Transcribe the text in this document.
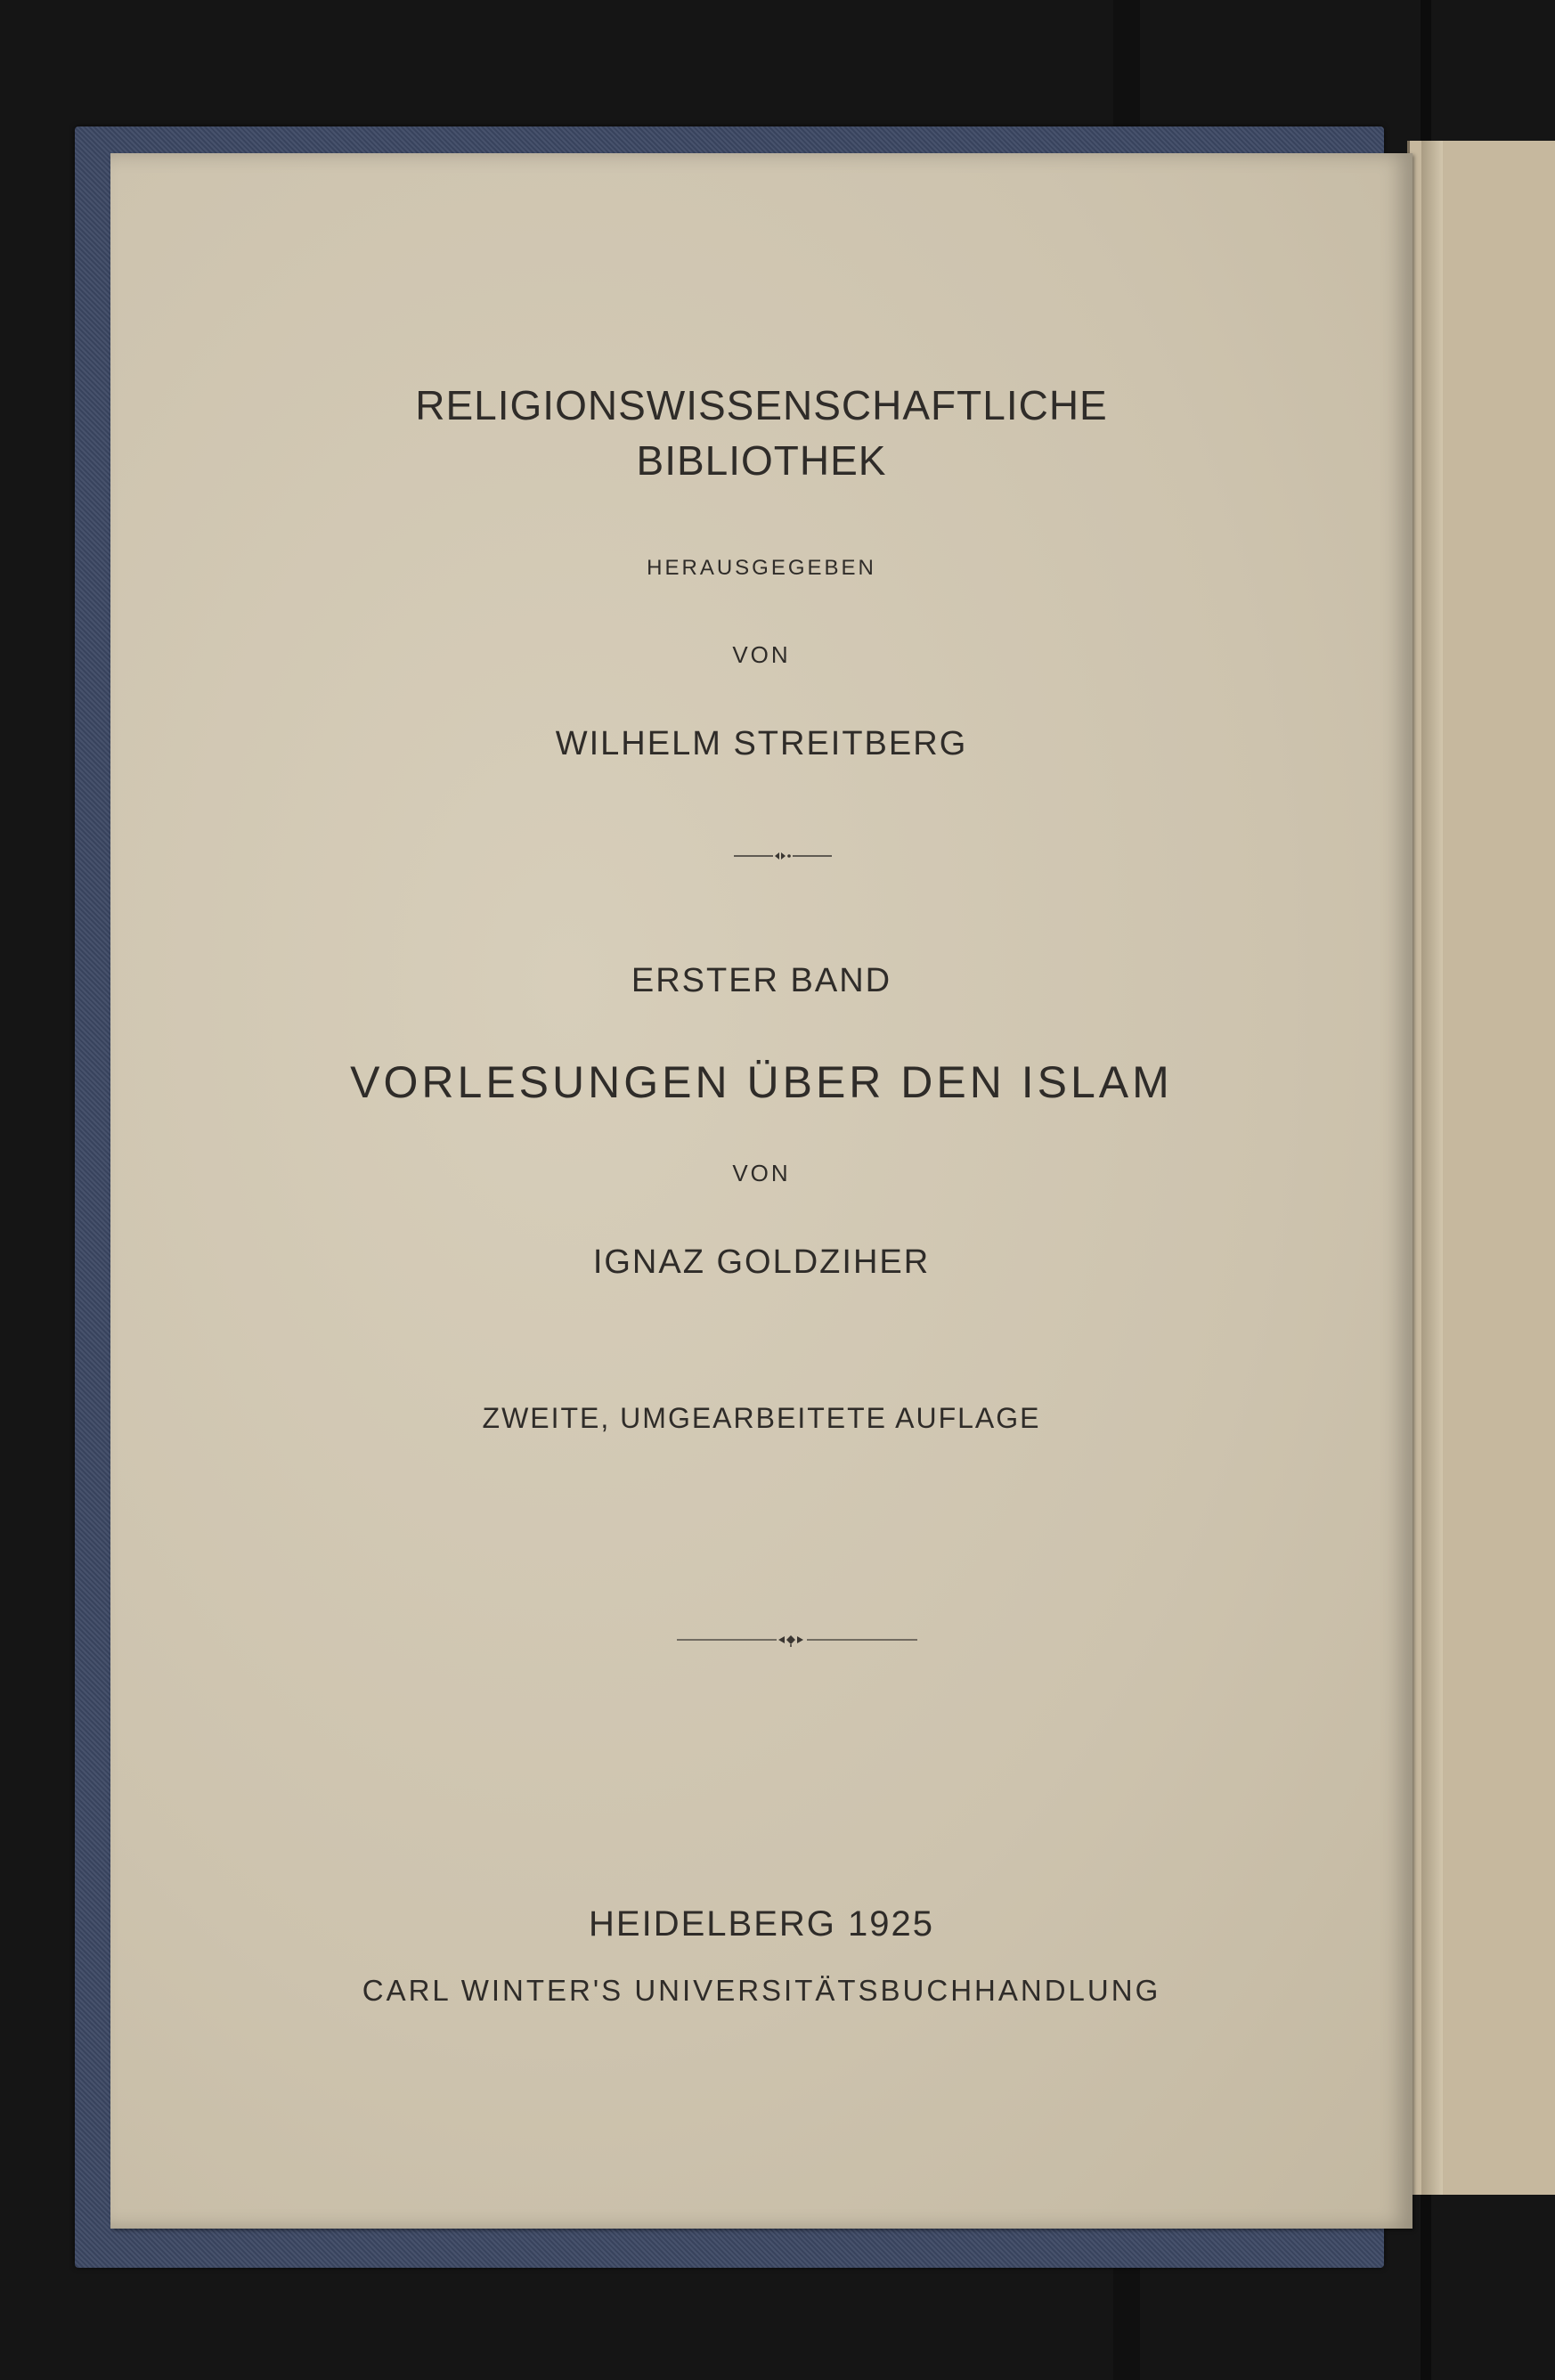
RELIGIONSWISSENSCHAFTLICHE
BIBLIOTHEK
HERAUSGEGEBEN
VON
WILHELM STREITBERG
ERSTER BAND
VORLESUNGEN ÜBER DEN ISLAM
VON
IGNAZ GOLDZIHER
ZWEITE, UMGEARBEITETE AUFLAGE
HEIDELBERG 1925
CARL WINTER'S UNIVERSITÄTSBUCHHANDLUNG
